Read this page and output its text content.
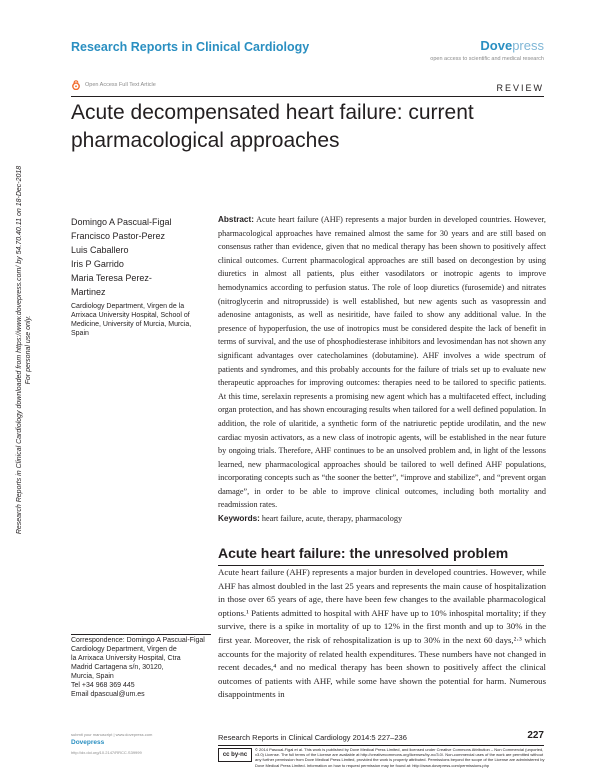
Research Reports in Clinical Cardiology	Dovepress
open access to scientific and medical research
Open Access Full Text Article	REVIEW
Acute decompensated heart failure: current pharmacological approaches
Research Reports in Clinical Cardiology downloaded from https://www.dovepress.com/ by 54.70.40.11 on 18-Dec-2018 For personal use only.
Domingo A Pascual-Figal
Francisco Pastor-Perez
Luis Caballero
Iris P Garrido
Maria Teresa Perez-
Martinez
Cardiology Department, Virgen de la Arrixaca University Hospital, School of Medicine, University of Murcia, Murcia, Spain
Abstract: Acute heart failure (AHF) represents a major burden in developed countries. However, pharmacological approaches have remained almost the same for 30 years and are still based on consensus rather than evidence, given that no medical therapy has been shown to positively affect clinical outcomes. Current pharmacological approaches are still based on decongestion by using diuretics in almost all patients, plus either vasodilators or inotropic agents to improve hemodynamics according to perfusion status. The role of loop diuretics (furosemide) and nitrates (nitroglycerin and nitroprusside) is well established, but new agents such as vasopressin and adenosine antagonists, as well as nesiritide, have failed to show any additional value. In the presence of hypoperfusion, the use of inotropics must be considered despite the lack of benefit in terms of survival, and the use of phosphodiesterase inhibitors and levosimendan has not shown any significant advantages over catecholamines (dobutamine). AHF involves a wide spectrum of patients and syndromes, and this probably accounts for the failure of trials set up to evaluate new therapeutic approaches for improving outcomes: therapies need to be tailored to specific patients. At this time, serelaxin represents a promising new agent which has a multifaceted effect, including organ protection, and has shown encouraging results when tailored for a well defined population. In addition, the role of ularitide, a synthetic form of the natriuretic peptide urodilatin, and the new cardiac myosin activators, as a new class of inotropic agents, will be established in the near future by ongoing trials. Therefore, AHF continues to be an unsolved problem and, in light of the lessons learned, new pharmacological approaches should be tailored to well defined AHF populations, incorporating concepts such as “the sooner the better”, “improve and stabilize”, and “prevent organ damage”, in order to be able to improve clinical outcomes, including both mortality and readmission rates.
Keywords: heart failure, acute, therapy, pharmacology
Acute heart failure: the unresolved problem
Acute heart failure (AHF) represents a major burden in developed countries. However, while AHF has almost doubled in the last 25 years and represents the main cause of hospitalization in those over 65 years of age, there have been few changes to the available pharmacological options.¹ Patients admitted to hospital with AHF have up to 10% inhospital mortality; if they survive, there is a spike in mortality of up to 12% in the first month and up to 30% in the first year. Moreover, the risk of rehospitalization is up to 30% in the next 60 days,²·³ which accounts for the majority of related health expenditures. These numbers have not changed in recent decades,⁴ and no medical therapy has been shown to positively affect the clinical outcomes of patients with AHF, while some have shown the potential for harm. Numerous disappointments in
Correspondence: Domingo A Pascual-Figal
Cardiology Department, Virgen de
la Arrixaca University Hospital, Ctra
Madrid Cartagena s/n, 30120,
Murcia, Spain
Tel +34 968 369 445
Email dpascual@um.es
submit your manuscript | www.dovepress.com
Dovepress
http://dx.doi.org/10.2147/RRCC.S39999
Research Reports in Clinical Cardiology 2014:5 227–236	227
cc by-nc
© 2014 Pascual-Figal et al. This work is published by Dove Medical Press Limited, and licensed under Creative Commons Attribution – Non Commercial (unported, v3.0) License. The full terms of the License are available at http://creativecommons.org/licenses/by-nc/3.0/. Non-commercial uses of the work are permitted without any further permission from Dove Medical Press Limited, provided the work is properly attributed. Permissions beyond the scope of the License are administered by Dove Medical Press Limited. Information on how to request permission may be found at: http://www.dovepress.com/permissions.php
